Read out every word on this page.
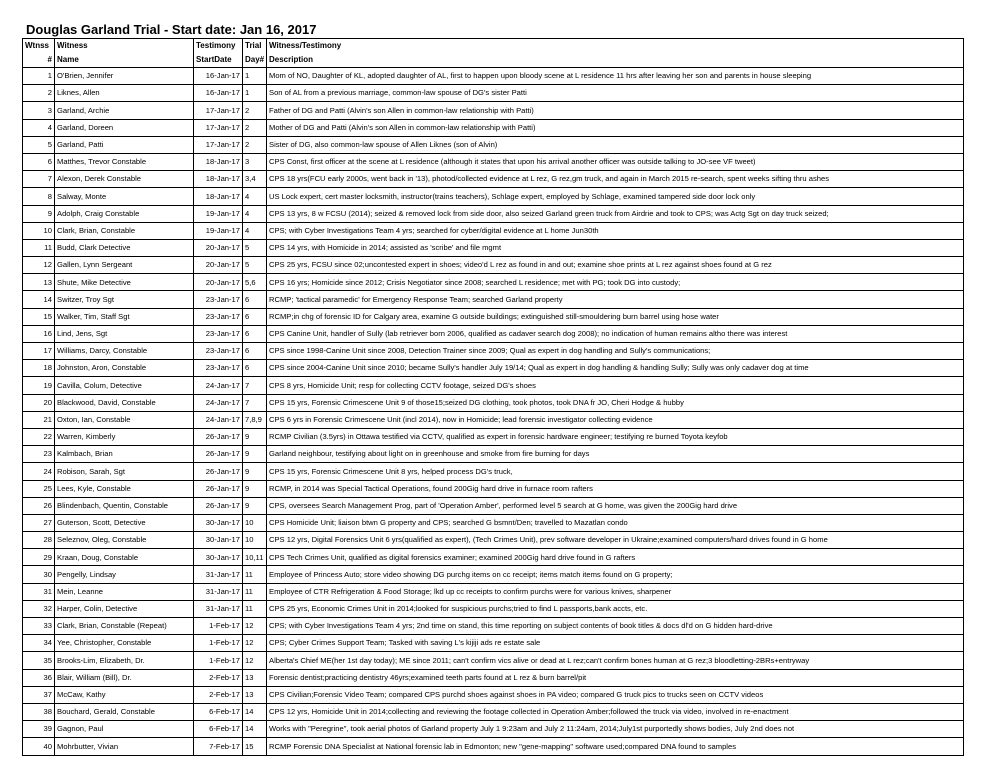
Douglas Garland Trial - Start date: Jan 16, 2017
Wtnss	Witness	Testimony	Trial	Witness/Testimony
#	Name	StartDate	Day#	Description
1	O'Brien, Jennifer	16-Jan-17	1	Mom of NO, Daughter of KL, adopted daughter of AL, first to happen upon bloody scene at L residence 11 hrs after leaving her son and parents in house sleeping
2	Liknes, Allen	16-Jan-17	1	Son of AL from a previous marriage, common-law spouse of DG's sister Patti
3	Garland, Archie	17-Jan-17	2	Father of DG and Patti (Alvin's son Allen in common-law relationship with Patti)
4	Garland, Doreen	17-Jan-17	2	Mother of DG and Patti (Alvin's son Allen in common-law relationship with Patti)
5	Garland, Patti	17-Jan-17	2	Sister of DG, also common-law spouse of Allen Liknes (son of Alvin)
6	Matthes, Trevor Constable	18-Jan-17	3	CPS Const, first officer at the scene at L residence (although it states that upon his arrival another officer was outside talking to JO-see VF tweet)
7	Alexon, Derek Constable	18-Jan-17	3,4	CPS 18 yrs(FCU early 2000s, went back in '13), photod/collected evidence at L rez, G rez,gm truck, and again in March 2015 re-search, spent weeks sifting thru ashes
8	Salway, Monte	18-Jan-17	4	US Lock expert, cert master locksmith, instructor(trains teachers), Schlage expert, employed by Schlage, examined tampered side door lock only
9	Adolph, Craig Constable	19-Jan-17	4	CPS 13 yrs, 8 w FCSU (2014); seized & removed lock from side door, also seized Garland green truck from Airdrie and took to CPS; was Actg Sgt on day truck seized;
10	Clark, Brian, Constable	19-Jan-17	4	CPS; with Cyber Investigations Team 4 yrs; searched for cyber/digital evidence at L home Jun30th
11	Budd, Clark Detective	20-Jan-17	5	CPS 14 yrs, with Homicide in 2014; assisted as 'scribe' and file mgmt
12	Gallen, Lynn Sergeant	20-Jan-17	5	CPS 25 yrs, FCSU since 02;uncontested expert in shoes; video'd L rez as found in and out; examine shoe prints at L rez against shoes found at G rez
13	Shute, Mike Detective	20-Jan-17	5,6	CPS 16 yrs; Homicide since 2012; Crisis Negotiator since 2008; searched L residence; met with PG; took DG into custody;
14	Switzer, Troy Sgt	23-Jan-17	6	RCMP; 'tactical paramedic' for Emergency Response Team; searched Garland property
15	Walker, Tim, Staff Sgt	23-Jan-17	6	RCMP;in chg of forensic ID for Calgary area, examine G outside buildings; extinguished still-smouldering burn barrel using hose water
16	Lind, Jens, Sgt	23-Jan-17	6	CPS Canine Unit, handler of Sully (lab retriever born 2006, qualified as cadaver search dog 2008); no indication of human remains altho there was interest
17	Williams, Darcy, Constable	23-Jan-17	6	CPS since 1998-Canine Unit since 2008, Detection Trainer since 2009; Qual as expert in dog handling and Sully's communications;
18	Johnston, Aron, Constable	23-Jan-17	6	CPS since 2004-Canine Unit since 2010; became Sully's handler July 19/14; Qual as expert in dog handling & handling Sully; Sully was only cadaver dog at time
19	Cavilla, Colum, Detective	24-Jan-17	7	CPS 8 yrs, Homicide Unit; resp for collecting CCTV footage, seized DG's shoes
20	Blackwood, David, Constable	24-Jan-17	7	CPS 15 yrs, Forensic Crimescene Unit 9 of those15;seized DG clothing, took photos, took DNA fr JO, Cheri Hodge & hubby
21	Oxton, Ian, Constable	24-Jan-17	7,8,9	CPS 6 yrs in Forensic Crimescene Unit (incl 2014), now in Homicide; lead forensic investigator collecting evidence
22	Warren, Kimberly	26-Jan-17	9	RCMP Civilian (3.5yrs) in Ottawa testified via CCTV, qualified as expert in forensic hardware engineer; testifying re burned Toyota keyfob
23	Kalmbach, Brian	26-Jan-17	9	Garland neighbour, testifying about light on in greenhouse and smoke from fire burning for days
24	Robison, Sarah, Sgt	26-Jan-17	9	CPS 15 yrs, Forensic Crimescene Unit 8 yrs, helped process DG's truck,
25	Lees, Kyle, Constable	26-Jan-17	9	RCMP, in 2014 was Special Tactical Operations, found 200Gig hard drive in furnace room rafters
26	Blindenbach, Quentin, Constable	26-Jan-17	9	CPS, oversees Search Management Prog, part of 'Operation Amber', performed level 5 search at G home, was given the 200Gig hard drive
27	Guterson, Scott, Detective	30-Jan-17	10	CPS Homicide Unit; liaison btwn G property and CPS; searched G bsmnt/Den; travelled to Mazatlan condo
28	Seleznov, Oleg, Constable	30-Jan-17	10	CPS 12 yrs, Digital Forensics Unit 6 yrs(qualified as expert), (Tech Crimes Unit), prev software developer in Ukraine;examined computers/hard drives found in G home
29	Kraan, Doug, Constable	30-Jan-17	10,11	CPS Tech Crimes Unit, qualified as digital forensics examiner; examined 200Gig hard drive found in G rafters
30	Pengelly, Lindsay	31-Jan-17	11	Employee of Princess Auto; store video showing DG purchg items on cc receipt; items match items found on G property;
31	Mein, Leanne	31-Jan-17	11	Employee of CTR Refrigeration & Food Storage; lkd up cc receipts to confirm purchs were for various knives, sharpener
32	Harper, Colin, Detective	31-Jan-17	11	CPS 25 yrs, Economic Crimes Unit in 2014;looked for suspicious purchs;tried to find L passports,bank accts, etc.
33	Clark, Brian, Constable (Repeat)	1-Feb-17	12	CPS; with Cyber Investigations Team 4 yrs; 2nd time on stand, this time reporting on subject contents of book titles & docs dl'd on G hidden hard-drive
34	Yee, Christopher, Constable	1-Feb-17	12	CPS; Cyber Crimes Support Team; Tasked with saving L's kijiji ads re estate sale
35	Brooks-Lim, Elizabeth, Dr.	1-Feb-17	12	Alberta's Chief ME(her 1st day today); ME since 2011; can't confirm vics alive or dead at L rez;can't confirm bones human at G rez;3 bloodletting-2BRs+entryway
36	Blair, William (Bill), Dr.	2-Feb-17	13	Forensic dentist;practicing dentistry 46yrs;examined teeth parts found at L rez & burn barrel/pit
37	McCaw, Kathy	2-Feb-17	13	CPS Civilian;Forensic Video Team; compared CPS purchd shoes against shoes in PA video; compared G truck pics to trucks seen on CCTV videos
38	Bouchard, Gerald, Constable	6-Feb-17	14	CPS 12 yrs, Homicide Unit in 2014;collecting and reviewing the footage collected in Operation Amber;followed the truck via video, involved in re-enactment
39	Gagnon, Paul	6-Feb-17	14	Works with "Peregrine", took aerial photos of Garland property July 1 9:23am and July 2 11:24am, 2014;July1st purportedly shows bodies, July 2nd does not
40	Mohrbutter, Vivian	7-Feb-17	15	RCMP Forensic DNA Specialist at National forensic lab in Edmonton; new "gene-mapping" software used;compared DNA found to samples
